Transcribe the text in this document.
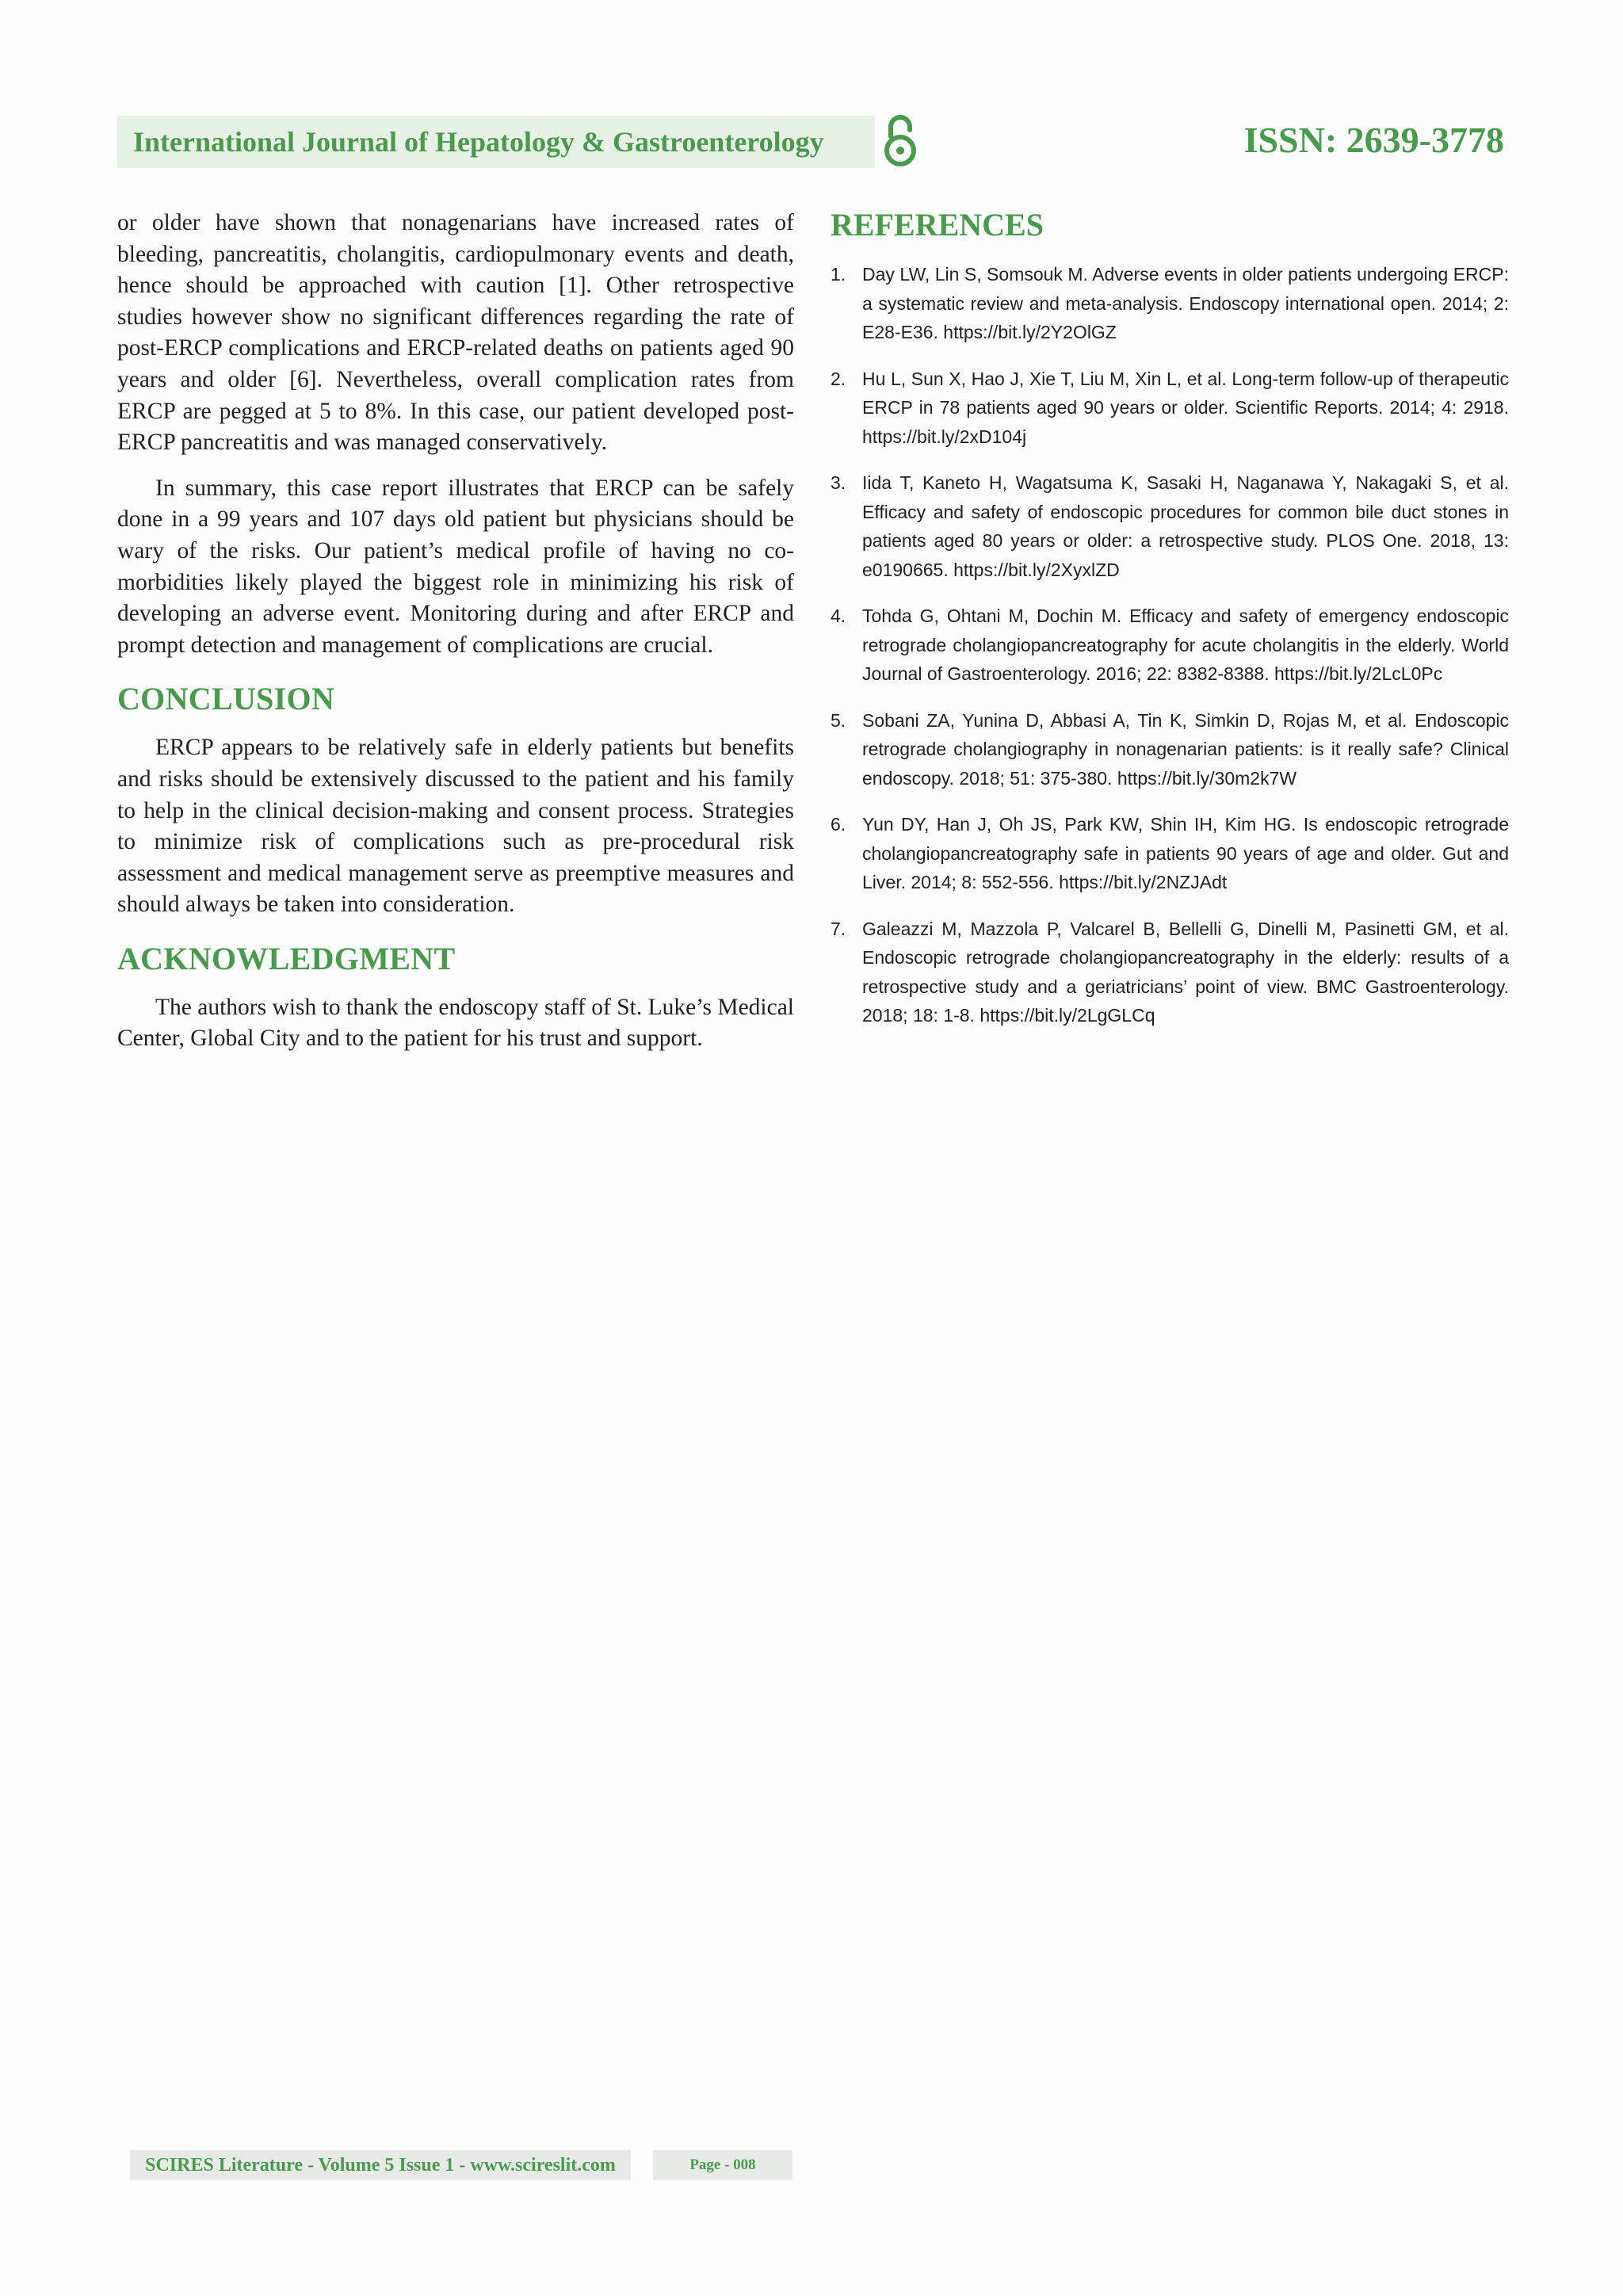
International Journal of Hepatology & Gastroenterology	ISSN: 2639-3778

or older have shown that nonagenarians have increased rates of bleeding, pancreatitis, cholangitis, cardiopulmonary events and death, hence should be approached with caution [1]. Other retrospective studies however show no significant differences regarding the rate of post-ERCP complications and ERCP-related deaths on patients aged 90 years and older [6]. Nevertheless, overall complication rates from ERCP are pegged at 5 to 8%. In this case, our patient developed post-ERCP pancreatitis and was managed conservatively.

In summary, this case report illustrates that ERCP can be safely done in a 99 years and 107 days old patient but physicians should be wary of the risks. Our patient’s medical profile of having no co-morbidities likely played the biggest role in minimizing his risk of developing an adverse event. Monitoring during and after ERCP and prompt detection and management of complications are crucial.

CONCLUSION

ERCP appears to be relatively safe in elderly patients but benefits and risks should be extensively discussed to the patient and his family to help in the clinical decision-making and consent process. Strategies to minimize risk of complications such as pre-procedural risk assessment and medical management serve as preemptive measures and should always be taken into consideration.

ACKNOWLEDGMENT

The authors wish to thank the endoscopy staff of St. Luke’s Medical Center, Global City and to the patient for his trust and support.

REFERENCES
1. Day LW, Lin S, Somsouk M. Adverse events in older patients undergoing ERCP: a systematic review and meta-analysis. Endoscopy international open. 2014; 2: E28-E36. https://bit.ly/2Y2OlGZ
2. Hu L, Sun X, Hao J, Xie T, Liu M, Xin L, et al. Long-term follow-up of therapeutic ERCP in 78 patients aged 90 years or older. Scientific Reports. 2014; 4: 2918. https://bit.ly/2xD104j
3. Iida T, Kaneto H, Wagatsuma K, Sasaki H, Naganawa Y, Nakagaki S, et al. Efficacy and safety of endoscopic procedures for common bile duct stones in patients aged 80 years or older: a retrospective study. PLOS One. 2018, 13: e0190665. https://bit.ly/2XyxlZD
4. Tohda G, Ohtani M, Dochin M. Efficacy and safety of emergency endoscopic retrograde cholangiopancreatography for acute cholangitis in the elderly. World Journal of Gastroenterology. 2016; 22: 8382-8388. https://bit.ly/2LcL0Pc
5. Sobani ZA, Yunina D, Abbasi A, Tin K, Simkin D, Rojas M, et al. Endoscopic retrograde cholangiography in nonagenarian patients: is it really safe? Clinical endoscopy. 2018; 51: 375-380. https://bit.ly/30m2k7W
6. Yun DY, Han J, Oh JS, Park KW, Shin IH, Kim HG. Is endoscopic retrograde cholangiopancreatography safe in patients 90 years of age and older. Gut and Liver. 2014; 8: 552-556. https://bit.ly/2NZJAdt
7. Galeazzi M, Mazzola P, Valcarel B, Bellelli G, Dinelli M, Pasinetti GM, et al. Endoscopic retrograde cholangiopancreatography in the elderly: results of a retrospective study and a geriatricians’ point of view. BMC Gastroenterology. 2018; 18: 1-8. https://bit.ly/2LgGLCq
SCIRES Literature - Volume 5 Issue 1 - www.scireslit.com	Page - 008
